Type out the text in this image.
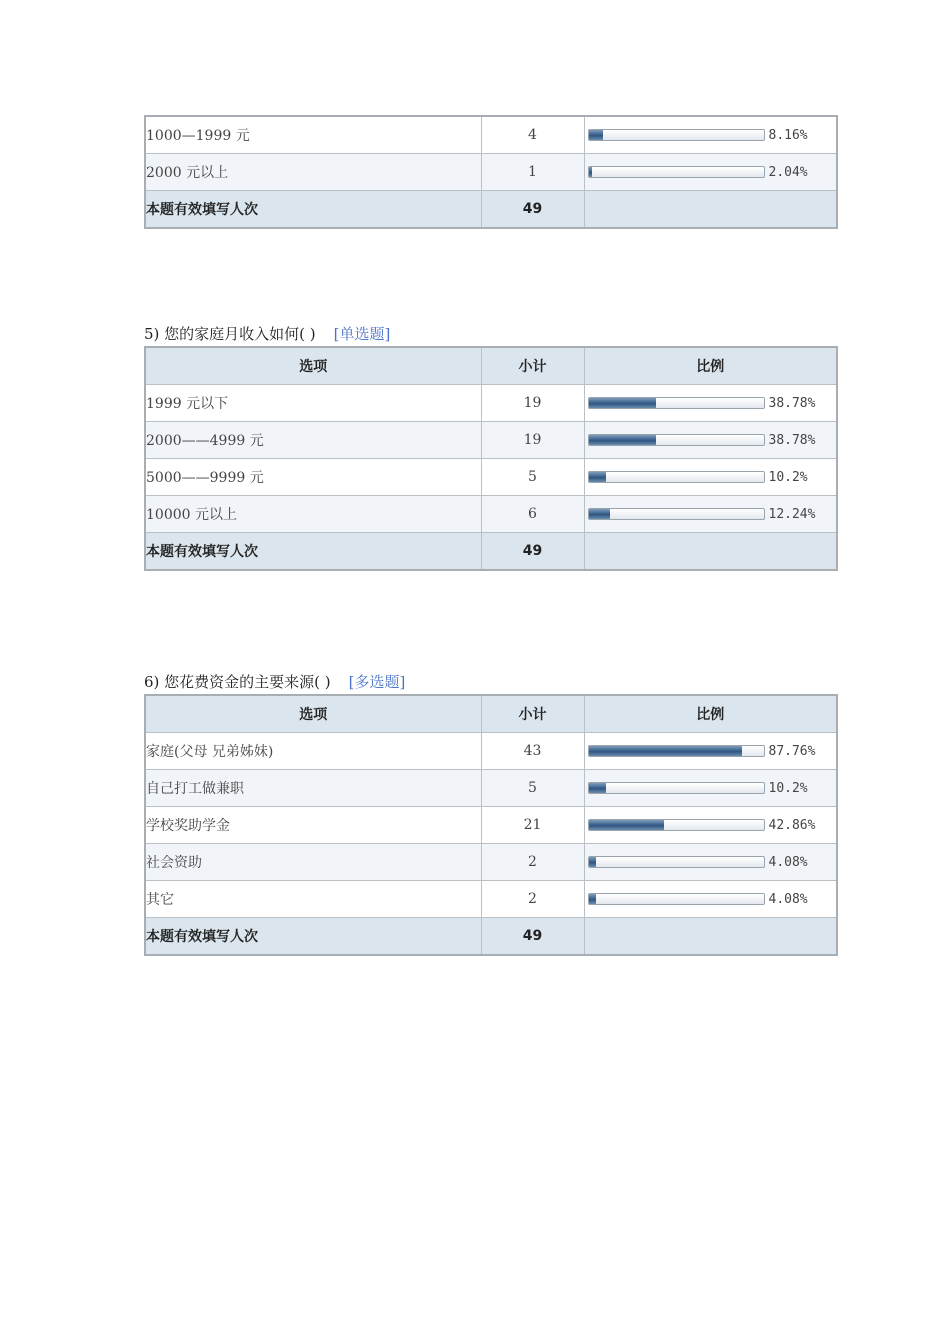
1000—1999 元	4	8.16%

2000 元以上	1	2.04%

本题有效填写人次	49	
5) 您的家庭月收入如何( ) [单选题]
选项	小计	比例
1999 元以下	19	38.78%

2000——4999 元	19	38.78%

5000——9999 元	5	10.2%

10000 元以上	6	12.24%

本题有效填写人次	49	
6) 您花费资金的主要来源( ) [多选题]
选项	小计	比例
家庭(父母 兄弟姊妹)	43	87.76%

自己打工做兼职	5	10.2%

学校奖助学金	21	42.86%

社会资助	2	4.08%

其它	2	4.08%

本题有效填写人次	49	
